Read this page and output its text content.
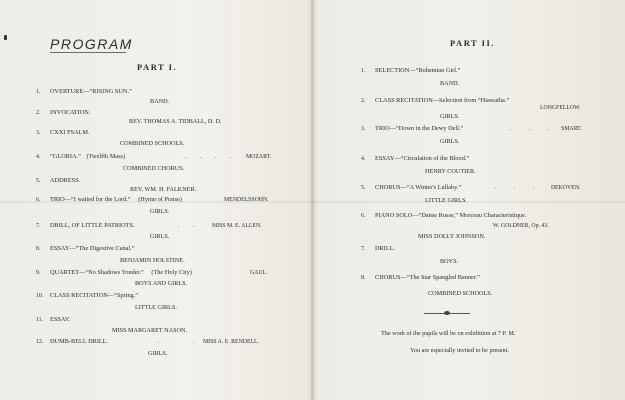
PROGRAM
PART I.
1. OVERTURE—“RISING SUN.”
BAND.
2. INVOCATION.
REV. THOMAS A. TIDBALL, D. D.
3. CXXI PSALM.
COMBINED SCHOOLS.
4. “GLORIA.” (Twelfth Mass)	. . . . MOZART.
COMBINED CHORUS.
5. ADDRESS.
REV. WM. H. FALKNER.
6. TRIO—“I waited for the Lord.” (Hymn of Praise)	MENDELSSOHN.
GIRLS.
7. DRILL, OF LITTLE PATRIOTS.	. . MISS M. E. ALLEN.
GIRLS.
8. ESSAY—“The Digestive Canal.”
BENJAMIN HOLSTINE.
9. QUARTET—“No Shadows Yonder.” (The Holy City)	GAUL.
BOYS AND GIRLS.
10. CLASS RECITATION—“Spring.”
LITTLE GIRLS.
11. ESSAY.
MISS MARGARET NASON.
12. DUMB-BELL DRILL.	. .
MISS A. E. RENDELL.
GIRLS.
PART II.
1. SELECTION—“Bohemian Girl.”
BAND.
2. CLASS RECITATION—Selection from “Hiawatha.”
LONGFELLOW.
GIRLS.
3. TRIO—“Down in the Dewy Dell.”	. . . SMART.
GIRLS.
4. ESSAY—“Circulation of the Blood.”
HENRY COUTIER.
5. CHORUS—“A Winter's Lullaby.”	. . . DEKOVEN.
LITTLE GIRLS.
6. PIANO SOLO—“Danse Russe,” Morceau Characteristique.
W. GOLDNER, Op. 43.
MISS DOLLY JOHNSON.
7. DRILL.
BOYS.
8. CHORUS—“The Star Spangled Banner.”
COMBINED SCHOOLS.
The work of the pupils will be on exhibition at 7 P. M.
You are especially invited to be present.
